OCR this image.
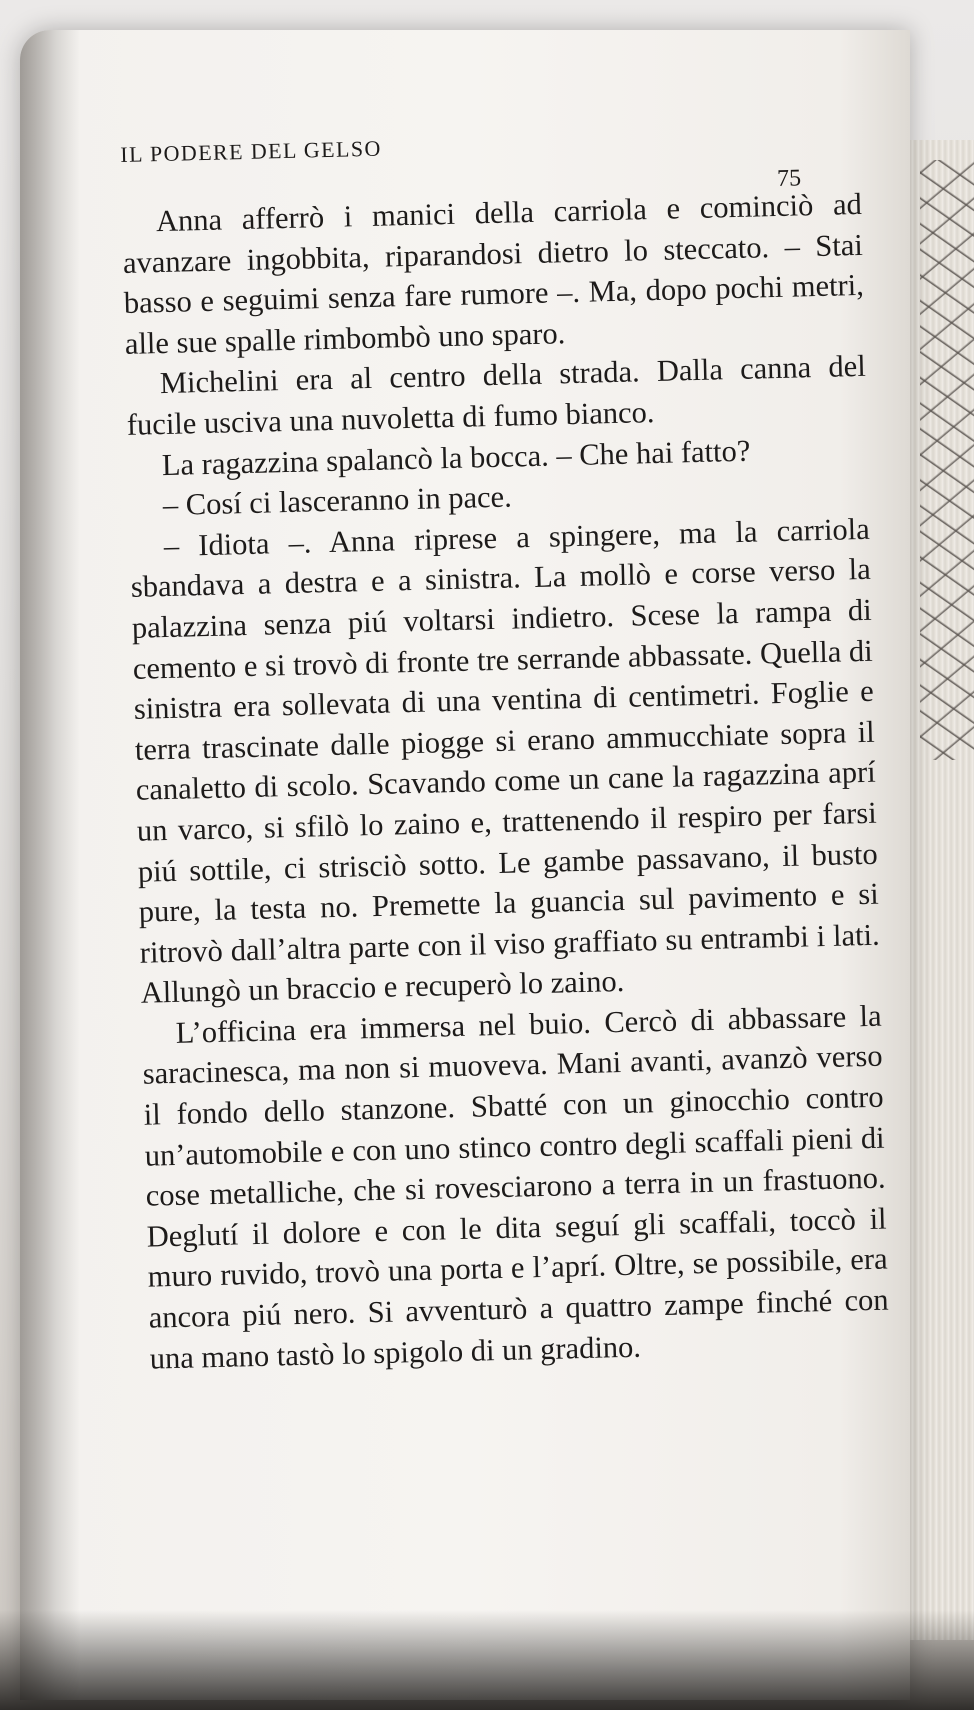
IL PODERE DEL GELSO
75

Anna afferrò i manici della carriola e cominciò ad avanzare ingobbita, riparandosi dietro lo steccato. – Stai basso e seguimi senza fare rumore –. Ma, dopo pochi metri, alle sue spalle rimbombò uno sparo.

Michelini era al centro della strada. Dalla canna del fucile usciva una nuvoletta di fumo bianco.

La ragazzina spalancò la bocca. – Che hai fatto?

– Cosí ci lasceranno in pace.

– Idiota –. Anna riprese a spingere, ma la carriola sbandava a destra e a sinistra. La mollò e corse verso la palazzina senza piú voltarsi indietro. Scese la rampa di cemento e si trovò di fronte tre serrande abbassate. Quella di sinistra era sollevata di una ventina di centimetri. Foglie e terra trascinate dalle piogge si erano ammucchiate sopra il canaletto di scolo. Scavando come un cane la ragazzina aprí un varco, si sfilò lo zaino e, trattenendo il respiro per farsi piú sottile, ci strisciò sotto. Le gambe passavano, il busto pure, la testa no. Premette la guancia sul pavimento e si ritrovò dall’altra parte con il viso graffiato su entrambi i lati. Allungò un braccio e recuperò lo zaino.

L’officina era immersa nel buio. Cercò di abbassare la saracinesca, ma non si muoveva. Mani avanti, avanzò verso il fondo dello stanzone. Sbatté con un ginocchio contro un’automobile e con uno stinco contro degli scaffali pieni di cose metalliche, che si rovesciarono a terra in un frastuono. Deglutí il dolore e con le dita seguí gli scaffali, toccò il muro ruvido, trovò una porta e l’aprí. Oltre, se possibile, era ancora piú nero. Si avventurò a quattro zampe finché con una mano tastò lo spigolo di un gradino.
